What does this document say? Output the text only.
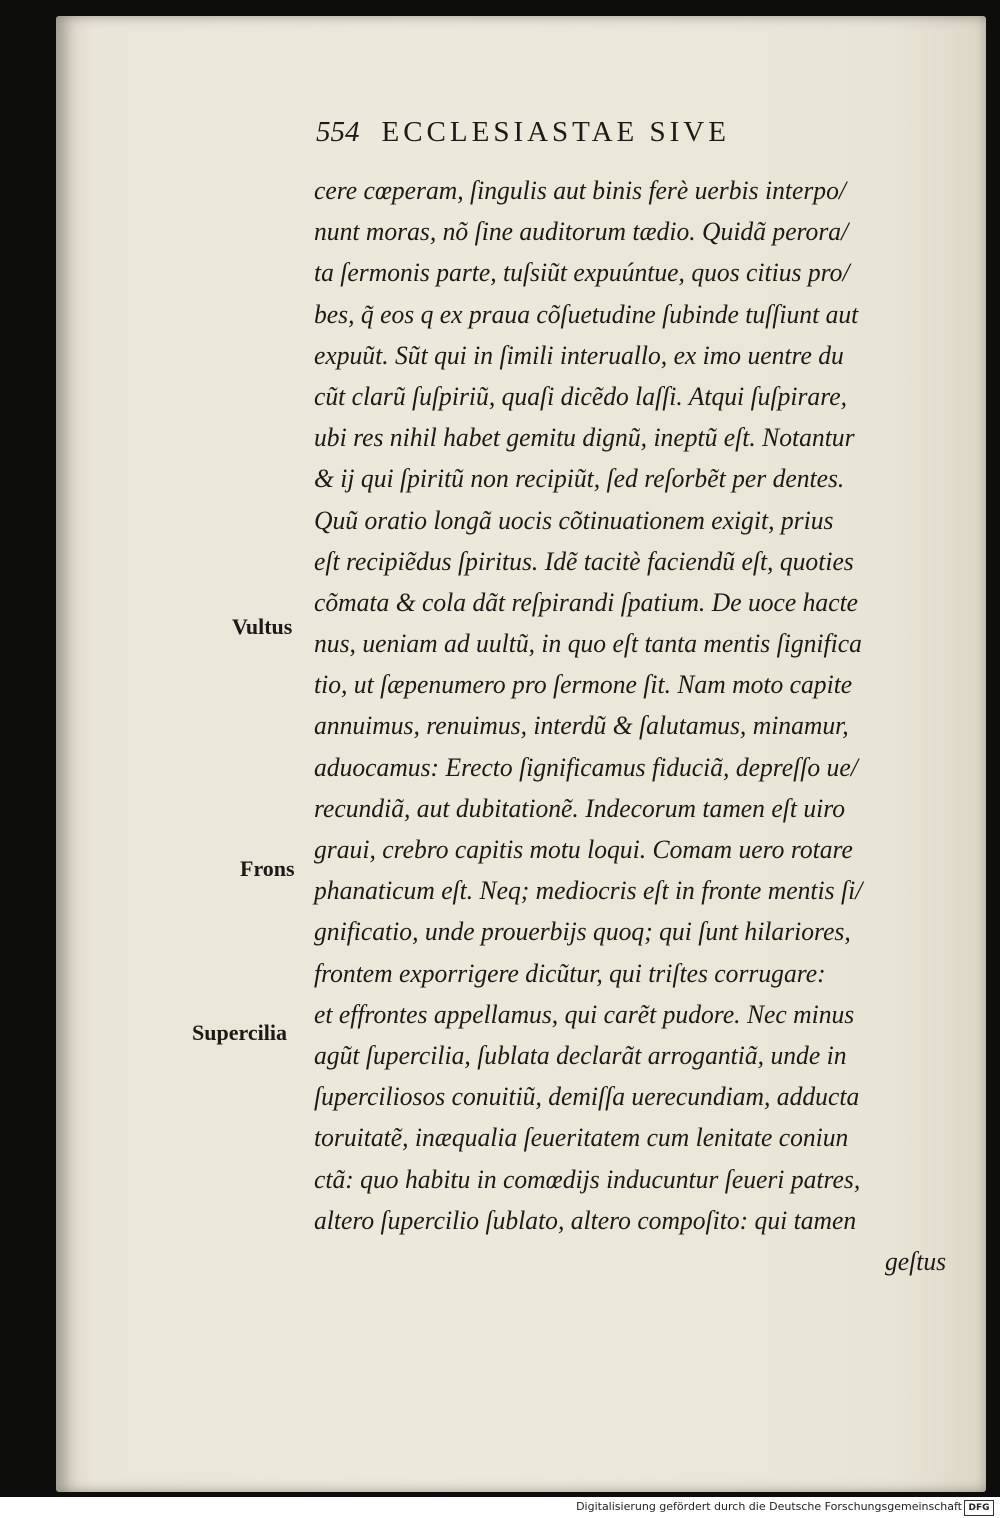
554 ECCLESIASTAE SIVE
Vultus
Frons
Supercilia
cere cœperam, ſingulis aut binis ferè uerbis interpo/
nunt moras, nõ ſine auditorum tædio. Quidã perora/
ta ſermonis parte, tuſsiũt expuúntue, quos citius pro/
bes, q̃ eos q ex praua cõſuetudine ſubinde tuſſiunt aut
expuũt. Sũt qui in ſimili interuallo, ex imo uentre du
cũt clarũ ſuſpiriũ, quaſi dicẽdo laſſi. Atqui ſuſpirare,
ubi res nihil habet gemitu dignũ, ineptũ eſt. Notantur
& ij qui ſpiritũ non recipiũt, ſed reſorbẽt per dentes.
Quũ oratio longã uocis cõtinuationem exigit, prius
eſt recipiẽdus ſpiritus. Idẽ tacitè faciendũ eſt, quoties
cõmata & cola dãt reſpirandi ſpatium. De uoce hacte
nus, ueniam ad uultũ, in quo eſt tanta mentis ſignifica
tio, ut ſæpenumero pro ſermone ſit. Nam moto capite
annuimus, renuimus, interdũ & ſalutamus, minamur,
aduocamus: Erecto ſignificamus fiduciã, depreſſo ue/
recundiã, aut dubitationẽ. Indecorum tamen eſt uiro
graui, crebro capitis motu loqui. Comam uero rotare
phanaticum eſt. Neq; mediocris eſt in fronte mentis ſi/
gnificatio, unde prouerbijs quoq; qui ſunt hilariores,
frontem exporrigere dicũtur, qui triſtes corrugare:
et effrontes appellamus, qui carẽt pudore. Nec minus
agũt ſupercilia, ſublata declarãt arrogantiã, unde in
ſuperciliosos conuitiũ, demiſſa uerecundiam, adducta
toruitatẽ, inæqualia ſeueritatem cum lenitate coniun
ctã: quo habitu in comœdijs inducuntur ſeueri patres,
altero ſupercilio ſublato, altero compoſito: qui tamen
geſtus
Digitalisierung gefördert durch die Deutsche Forschungsgemeinschaft DFG
